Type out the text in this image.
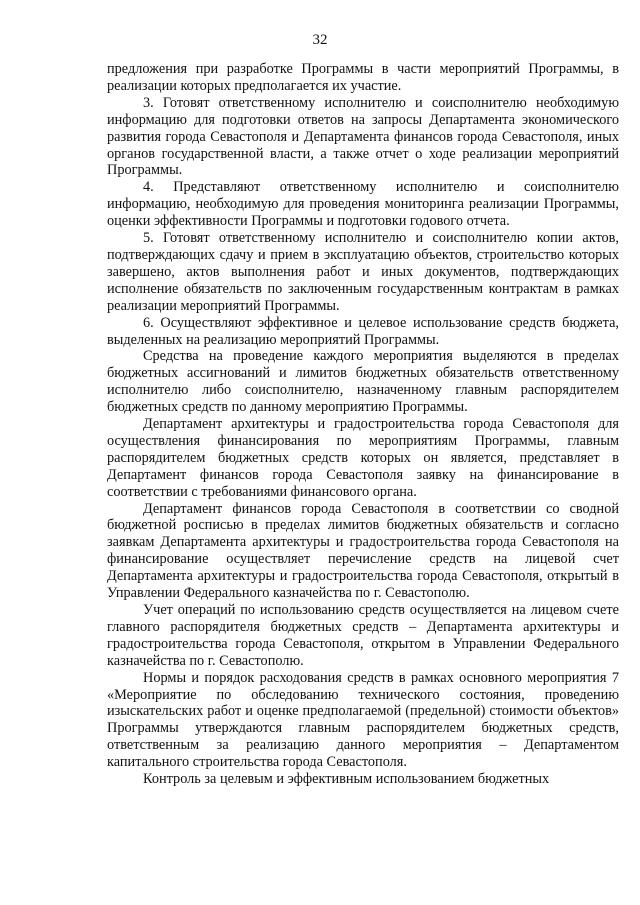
32

предложения при разработке Программы в части мероприятий Программы, в реализации которых предполагается их участие.

3. Готовят ответственному исполнителю и соисполнителю необходимую информацию для подготовки ответов на запросы Департамента экономического развития города Севастополя и Департамента финансов города Севастополя, иных органов государственной власти, а также отчет о ходе реализации мероприятий Программы.

4. Представляют ответственному исполнителю и соисполнителю информацию, необходимую для проведения мониторинга реализации Программы, оценки эффективности Программы и подготовки годового отчета.

5. Готовят ответственному исполнителю и соисполнителю копии актов, подтверждающих сдачу и прием в эксплуатацию объектов, строительство которых завершено, актов выполнения работ и иных документов, подтверждающих исполнение обязательств по заключенным государственным контрактам в рамках реализации мероприятий Программы.

6. Осуществляют эффективное и целевое использование средств бюджета, выделенных на реализацию мероприятий Программы.

Средства на проведение каждого мероприятия выделяются в пределах бюджетных ассигнований и лимитов бюджетных обязательств ответственному исполнителю либо соисполнителю, назначенному главным распорядителем бюджетных средств по данному мероприятию Программы.

Департамент архитектуры и градостроительства города Севастополя для осуществления финансирования по мероприятиям Программы, главным распорядителем бюджетных средств которых он является, представляет в Департамент финансов города Севастополя заявку на финансирование в соответствии с требованиями финансового органа.

Департамент финансов города Севастополя в соответствии со сводной бюджетной росписью в пределах лимитов бюджетных обязательств и согласно заявкам Департамента архитектуры и градостроительства города Севастополя на финансирование осуществляет перечисление средств на лицевой счет Департамента архитектуры и градостроительства города Севастополя, открытый в Управлении Федерального казначейства по г. Севастополю.

Учет операций по использованию средств осуществляется на лицевом счете главного распорядителя бюджетных средств – Департамента архитектуры и градостроительства города Севастополя, открытом в Управлении Федерального казначейства по г. Севастополю.

Нормы и порядок расходования средств в рамках основного мероприятия 7 «Мероприятие по обследованию технического состояния, проведению изыскательских работ и оценке предполагаемой (предельной) стоимости объектов» Программы утверждаются главным распорядителем бюджетных средств, ответственным за реализацию данного мероприятия – Департаментом капитального строительства города Севастополя.

Контроль за целевым и эффективным использованием бюджетных
